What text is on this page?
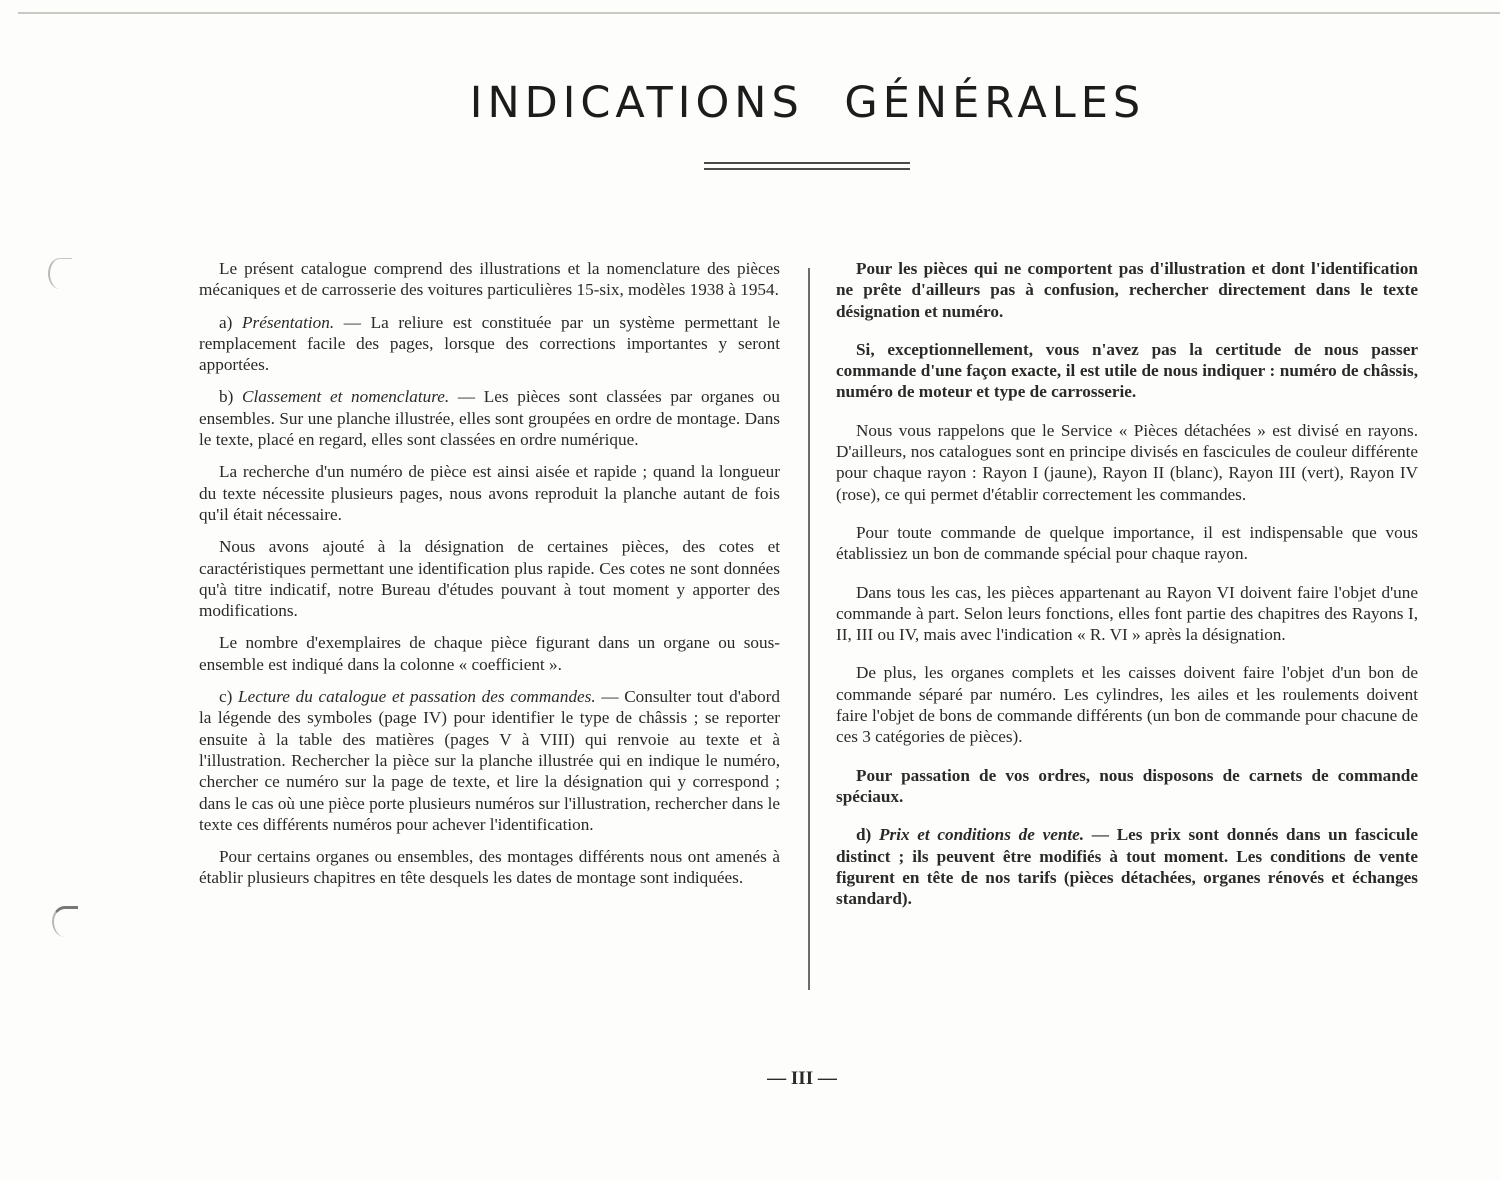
INDICATIONS GÉNÉRALES

Le présent catalogue comprend des illustrations et la nomenclature des pièces mécaniques et de carrosserie des voitures particulières 15-six, modèles 1938 à 1954.

a) Présentation. — La reliure est constituée par un système permettant le remplacement facile des pages, lorsque des corrections importantes y seront apportées.

b) Classement et nomenclature. — Les pièces sont classées par organes ou ensembles. Sur une planche illustrée, elles sont groupées en ordre de montage. Dans le texte, placé en regard, elles sont classées en ordre numérique.

La recherche d'un numéro de pièce est ainsi aisée et rapide ; quand la longueur du texte nécessite plusieurs pages, nous avons reproduit la planche autant de fois qu'il était nécessaire.

Nous avons ajouté à la désignation de certaines pièces, des cotes et caractéristiques permettant une identification plus rapide. Ces cotes ne sont données qu'à titre indicatif, notre Bureau d'études pouvant à tout moment y apporter des modifications.

Le nombre d'exemplaires de chaque pièce figurant dans un organe ou sous-ensemble est indiqué dans la colonne « coefficient ».

c) Lecture du catalogue et passation des commandes. — Consulter tout d'abord la légende des symboles (page IV) pour identifier le type de châssis ; se reporter ensuite à la table des matières (pages V à VIII) qui renvoie au texte et à l'illustration. Rechercher la pièce sur la planche illustrée qui en indique le numéro, chercher ce numéro sur la page de texte, et lire la désignation qui y correspond ; dans le cas où une pièce porte plusieurs numéros sur l'illustration, rechercher dans le texte ces différents numéros pour achever l'identification.

Pour certains organes ou ensembles, des montages différents nous ont amenés à établir plusieurs chapitres en tête desquels les dates de montage sont indiquées.

Pour les pièces qui ne comportent pas d'illustration et dont l'identification ne prête d'ailleurs pas à confusion, rechercher directement dans le texte désignation et numéro.

Si, exceptionnellement, vous n'avez pas la certitude de nous passer commande d'une façon exacte, il est utile de nous indiquer : numéro de châssis, numéro de moteur et type de carrosserie.

Nous vous rappelons que le Service « Pièces détachées » est divisé en rayons. D'ailleurs, nos catalogues sont en principe divisés en fascicules de couleur différente pour chaque rayon : Rayon I (jaune), Rayon II (blanc), Rayon III (vert), Rayon IV (rose), ce qui permet d'établir correctement les commandes.

Pour toute commande de quelque importance, il est indispensable que vous établissiez un bon de commande spécial pour chaque rayon.

Dans tous les cas, les pièces appartenant au Rayon VI doivent faire l'objet d'une commande à part. Selon leurs fonctions, elles font partie des chapitres des Rayons I, II, III ou IV, mais avec l'indication « R. VI » après la désignation.

De plus, les organes complets et les caisses doivent faire l'objet d'un bon de commande séparé par numéro. Les cylindres, les ailes et les roulements doivent faire l'objet de bons de commande différents (un bon de commande pour chacune de ces 3 catégories de pièces).

Pour passation de vos ordres, nous disposons de carnets de commande spéciaux.

d) Prix et conditions de vente. — Les prix sont donnés dans un fascicule distinct ; ils peuvent être modifiés à tout moment. Les conditions de vente figurent en tête de nos tarifs (pièces détachées, organes rénovés et échanges standard).

— III —
